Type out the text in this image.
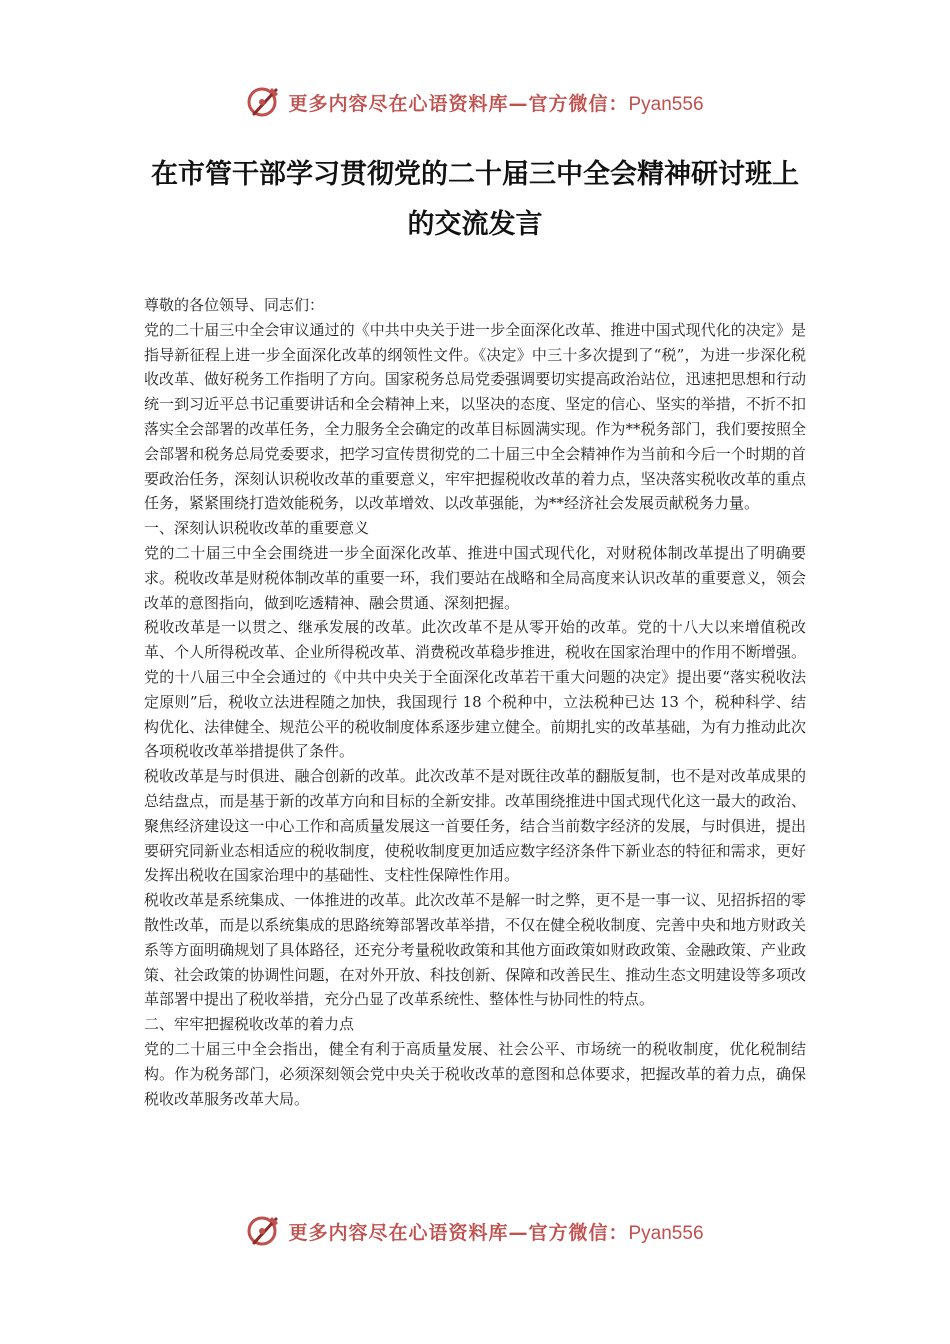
更多内容尽在心语资料库—官方微信：Pyan556
在市管干部学习贯彻党的二十届三中全会精神研讨班上的交流发言

尊敬的各位领导、同志们：

党的二十届三中全会审议通过的《中共中央关于进一步全面深化改革、推进中国式现代化的决定》是指导新征程上进一步全面深化改革的纲领性文件。《决定》中三十多次提到了“税”，为进一步深化税收改革、做好税务工作指明了方向。国家税务总局党委强调要切实提高政治站位，迅速把思想和行动统一到习近平总书记重要讲话和全会精神上来，以坚决的态度、坚定的信心、坚实的举措，不折不扣落实全会部署的改革任务，全力服务全会确定的改革目标圆满实现。作为**税务部门，我们要按照全会部署和税务总局党委要求，把学习宣传贯彻党的二十届三中全会精神作为当前和今后一个时期的首要政治任务，深刻认识税收改革的重要意义，牢牢把握税收改革的着力点，坚决落实税收改革的重点任务，紧紧围绕打造效能税务，以改革增效、以改革强能，为**经济社会发展贡献税务力量。

一、深刻认识税收改革的重要意义

党的二十届三中全会围绕进一步全面深化改革、推进中国式现代化，对财税体制改革提出了明确要求。税收改革是财税体制改革的重要一环，我们要站在战略和全局高度来认识改革的重要意义，领会改革的意图指向，做到吃透精神、融会贯通、深刻把握。

税收改革是一以贯之、继承发展的改革。此次改革不是从零开始的改革。党的十八大以来增值税改革、个人所得税改革、企业所得税改革、消费税改革稳步推进，税收在国家治理中的作用不断增强。党的十八届三中全会通过的《中共中央关于全面深化改革若干重大问题的决定》提出要“落实税收法定原则”后，税收立法进程随之加快，我国现行 18 个税种中，立法税种已达 13 个，税种科学、结构优化、法律健全、规范公平的税收制度体系逐步建立健全。前期扎实的改革基础，为有力推动此次各项税收改革举措提供了条件。

税收改革是与时俱进、融合创新的改革。此次改革不是对既往改革的翻版复制，也不是对改革成果的总结盘点，而是基于新的改革方向和目标的全新安排。改革围绕推进中国式现代化这一最大的政治、聚焦经济建设这一中心工作和高质量发展这一首要任务，结合当前数字经济的发展，与时俱进，提出要研究同新业态相适应的税收制度，使税收制度更加适应数字经济条件下新业态的特征和需求，更好发挥出税收在国家治理中的基础性、支柱性保障性作用。

税收改革是系统集成、一体推进的改革。此次改革不是解一时之弊，更不是一事一议、见招拆招的零散性改革，而是以系统集成的思路统筹部署改革举措，不仅在健全税收制度、完善中央和地方财政关系等方面明确规划了具体路径，还充分考量税收政策和其他方面政策如财政政策、金融政策、产业政策、社会政策的协调性问题，在对外开放、科技创新、保障和改善民生、推动生态文明建设等多项改革部署中提出了税收举措，充分凸显了改革系统性、整体性与协同性的特点。

二、牢牢把握税收改革的着力点

党的二十届三中全会指出，健全有利于高质量发展、社会公平、市场统一的税收制度，优化税制结构。作为税务部门，必须深刻领会党中央关于税收改革的意图和总体要求，把握改革的着力点，确保税收改革服务改革大局。

更多内容尽在心语资料库—官方微信：Pyan556
